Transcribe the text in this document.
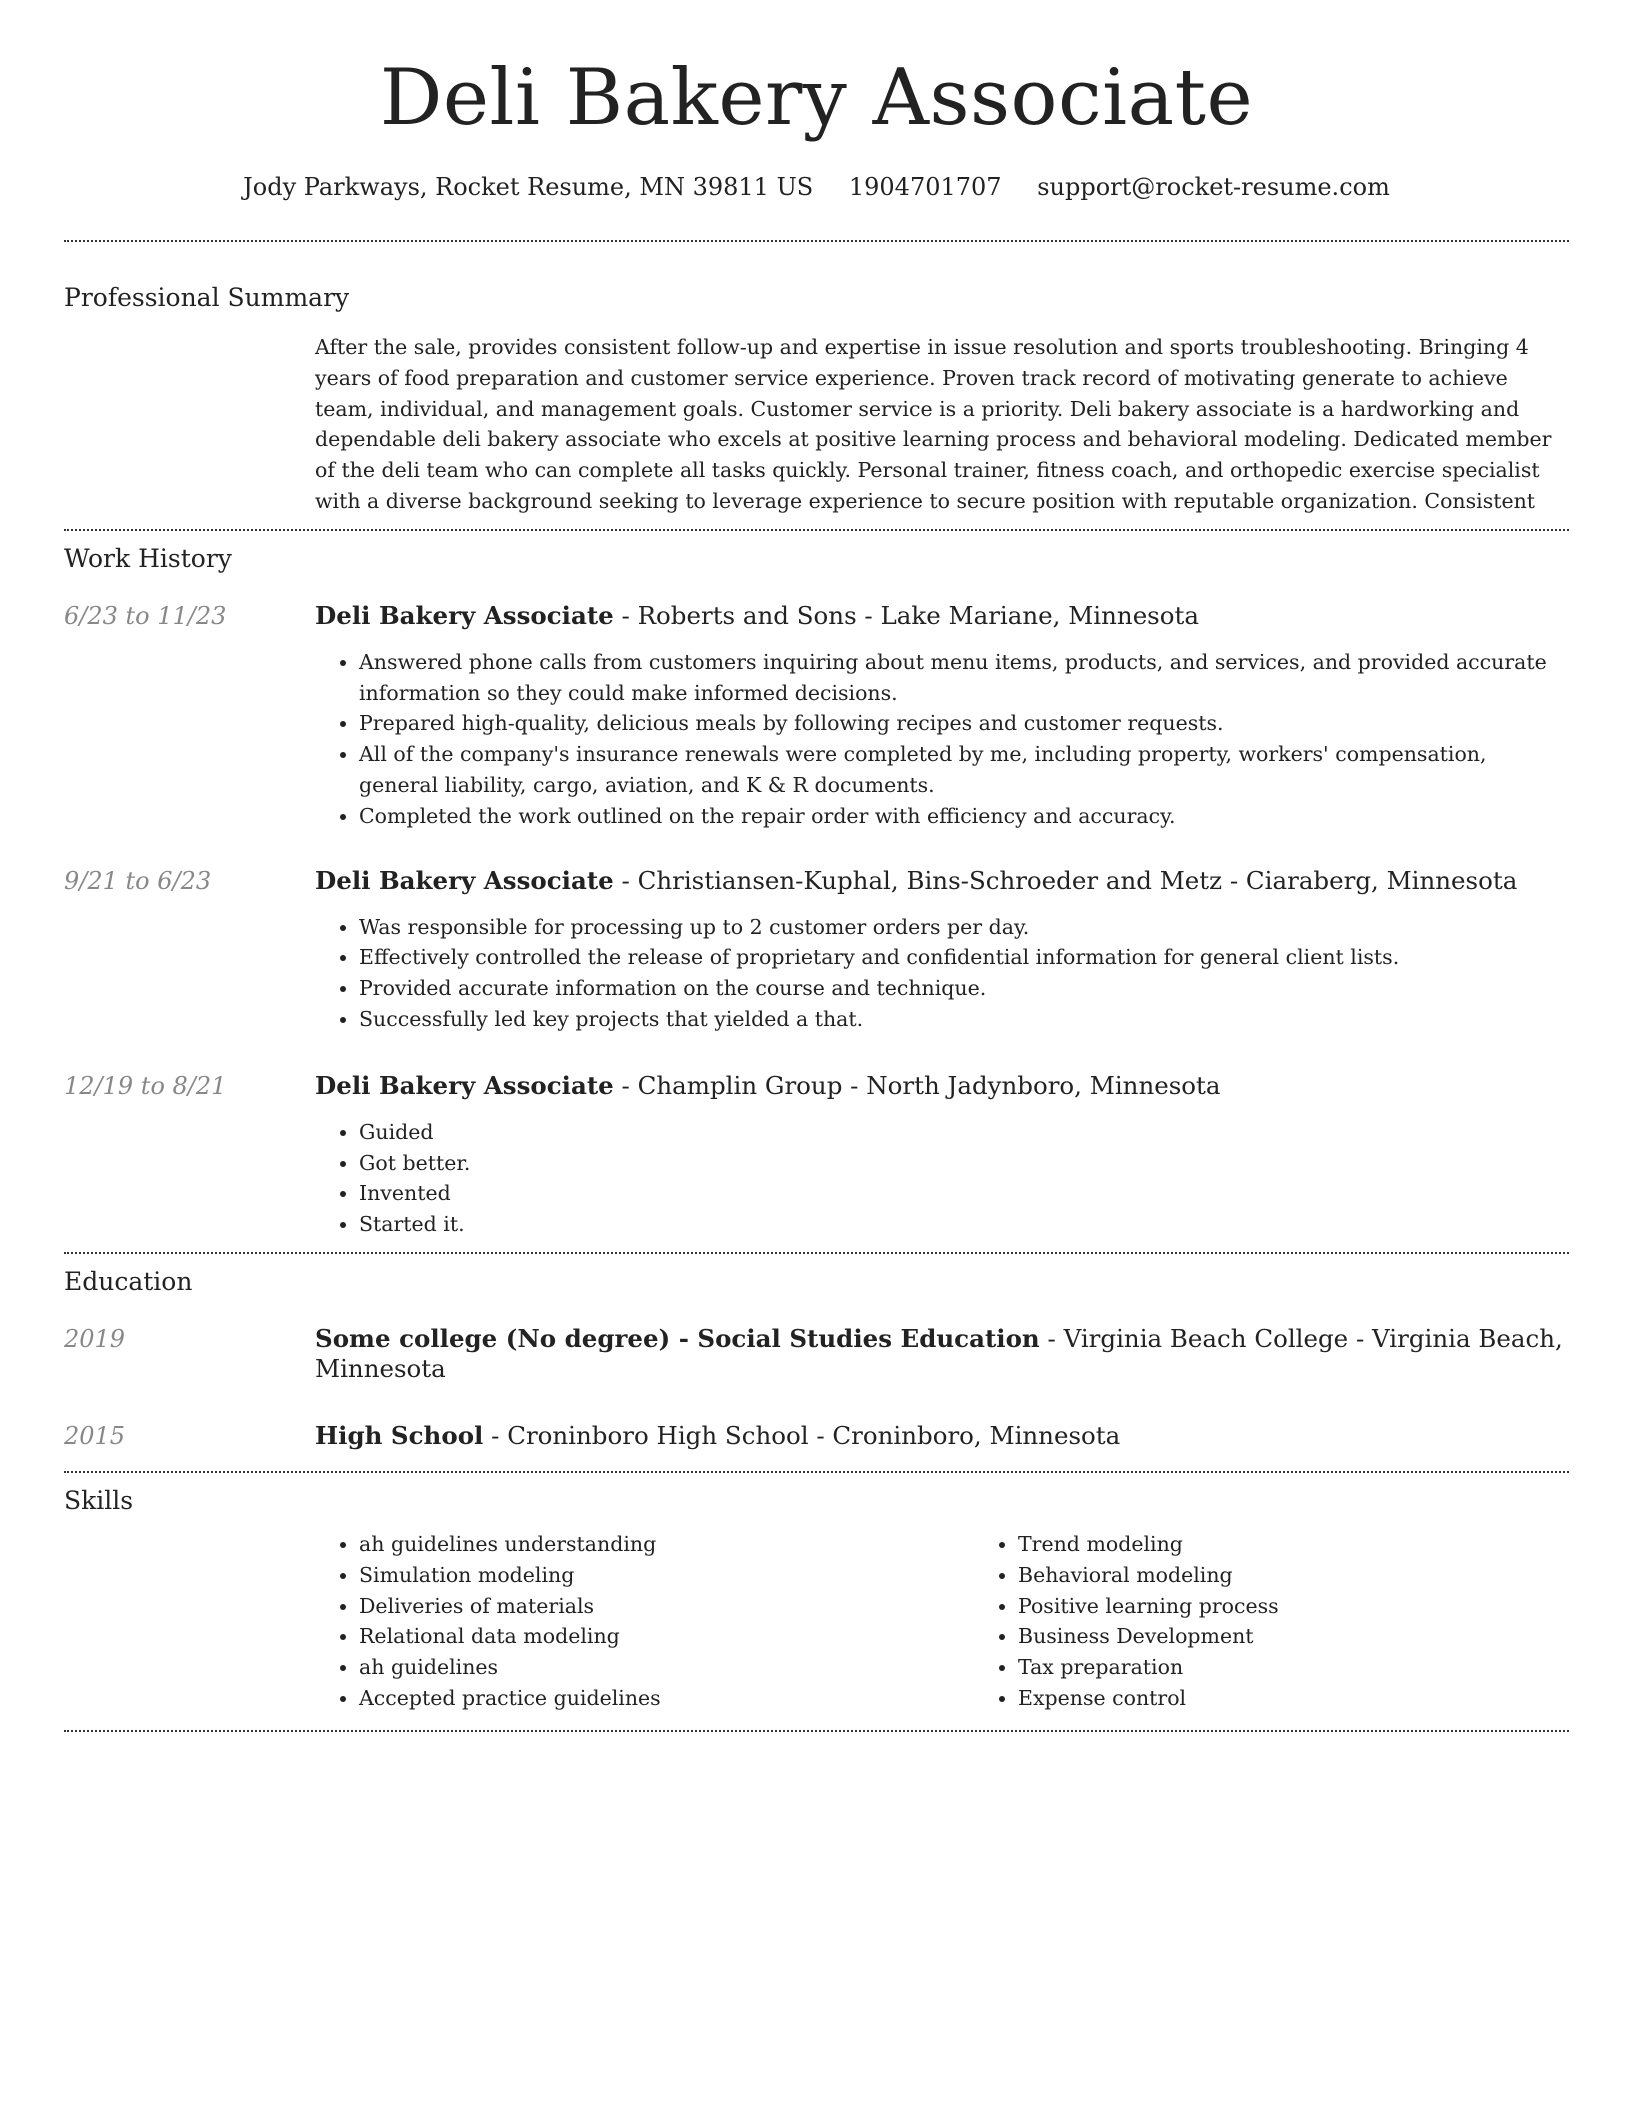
Deli Bakery Associate
Jody Parkways, Rocket Resume, MN 39811 US 1904701707 support@rocket-resume.com
Professional Summary

After the sale, provides consistent follow-up and expertise in issue resolution and sports troubleshooting. Bringing 4 years of food preparation and customer service experience. Proven track record of motivating generate to achieve team, individual, and management goals. Customer service is a priority. Deli bakery associate is a hardworking and dependable deli bakery associate who excels at positive learning process and behavioral modeling. Dedicated member of the deli team who can complete all tasks quickly. Personal trainer, fitness coach, and orthopedic exercise specialist with a diverse background seeking to leverage experience to secure position with reputable organization. Consistent

Work History
6/23 to 11/23	Deli Bakery Associate - Roberts and Sons - Lake Mariane, Minnesota
• Answered phone calls from customers inquiring about menu items, products, and services, and provided accurate information so they could make informed decisions.
• Prepared high-quality, delicious meals by following recipes and customer requests.
• All of the company's insurance renewals were completed by me, including property, workers' compensation, general liability, cargo, aviation, and K & R documents.
• Completed the work outlined on the repair order with efficiency and accuracy.
9/21 to 6/23	Deli Bakery Associate - Christiansen-Kuphal, Bins-Schroeder and Metz - Ciaraberg, Minnesota
• Was responsible for processing up to 2 customer orders per day.
• Effectively controlled the release of proprietary and confidential information for general client lists.
• Provided accurate information on the course and technique.
• Successfully led key projects that yielded a that.
12/19 to 8/21	Deli Bakery Associate - Champlin Group - North Jadynboro, Minnesota
• Guided
• Got better.
• Invented
• Started it.
Education
2019	Some college (No degree) - Social Studies Education - Virginia Beach College - Virginia Beach, Minnesota
2015	High School - Croninboro High School - Croninboro, Minnesota
Skills
• ah guidelines understanding
• Simulation modeling
• Deliveries of materials
• Relational data modeling
• ah guidelines
• Accepted practice guidelines
• Trend modeling
• Behavioral modeling
• Positive learning process
• Business Development
• Tax preparation
• Expense control
